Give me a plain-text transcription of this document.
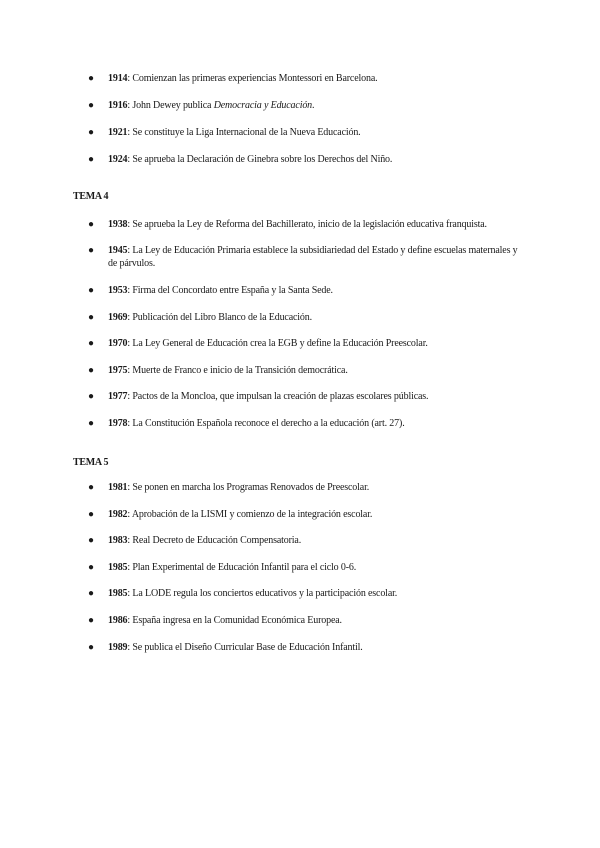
● 1914: Comienzan las primeras experiencias Montessori en Barcelona.
● 1916: John Dewey publica Democracia y Educación.
● 1921: Se constituye la Liga Internacional de la Nueva Educación.
● 1924: Se aprueba la Declaración de Ginebra sobre los Derechos del Niño.
TEMA 4
● 1938: Se aprueba la Ley de Reforma del Bachillerato, inicio de la legislación educativa franquista.
● 1945: La Ley de Educación Primaria establece la subsidiariedad del Estado y define escuelas maternales y de párvulos.
● 1953: Firma del Concordato entre España y la Santa Sede.
● 1969: Publicación del Libro Blanco de la Educación.
● 1970: La Ley General de Educación crea la EGB y define la Educación Preescolar.
● 1975: Muerte de Franco e inicio de la Transición democrática.
● 1977: Pactos de la Moncloa, que impulsan la creación de plazas escolares públicas.
● 1978: La Constitución Española reconoce el derecho a la educación (art. 27).
TEMA 5
● 1981: Se ponen en marcha los Programas Renovados de Preescolar.
● 1982: Aprobación de la LISMI y comienzo de la integración escolar.
● 1983: Real Decreto de Educación Compensatoria.
● 1985: Plan Experimental de Educación Infantil para el ciclo 0-6.
● 1985: La LODE regula los conciertos educativos y la participación escolar.
● 1986: España ingresa en la Comunidad Económica Europea.
● 1989: Se publica el Diseño Curricular Base de Educación Infantil.
